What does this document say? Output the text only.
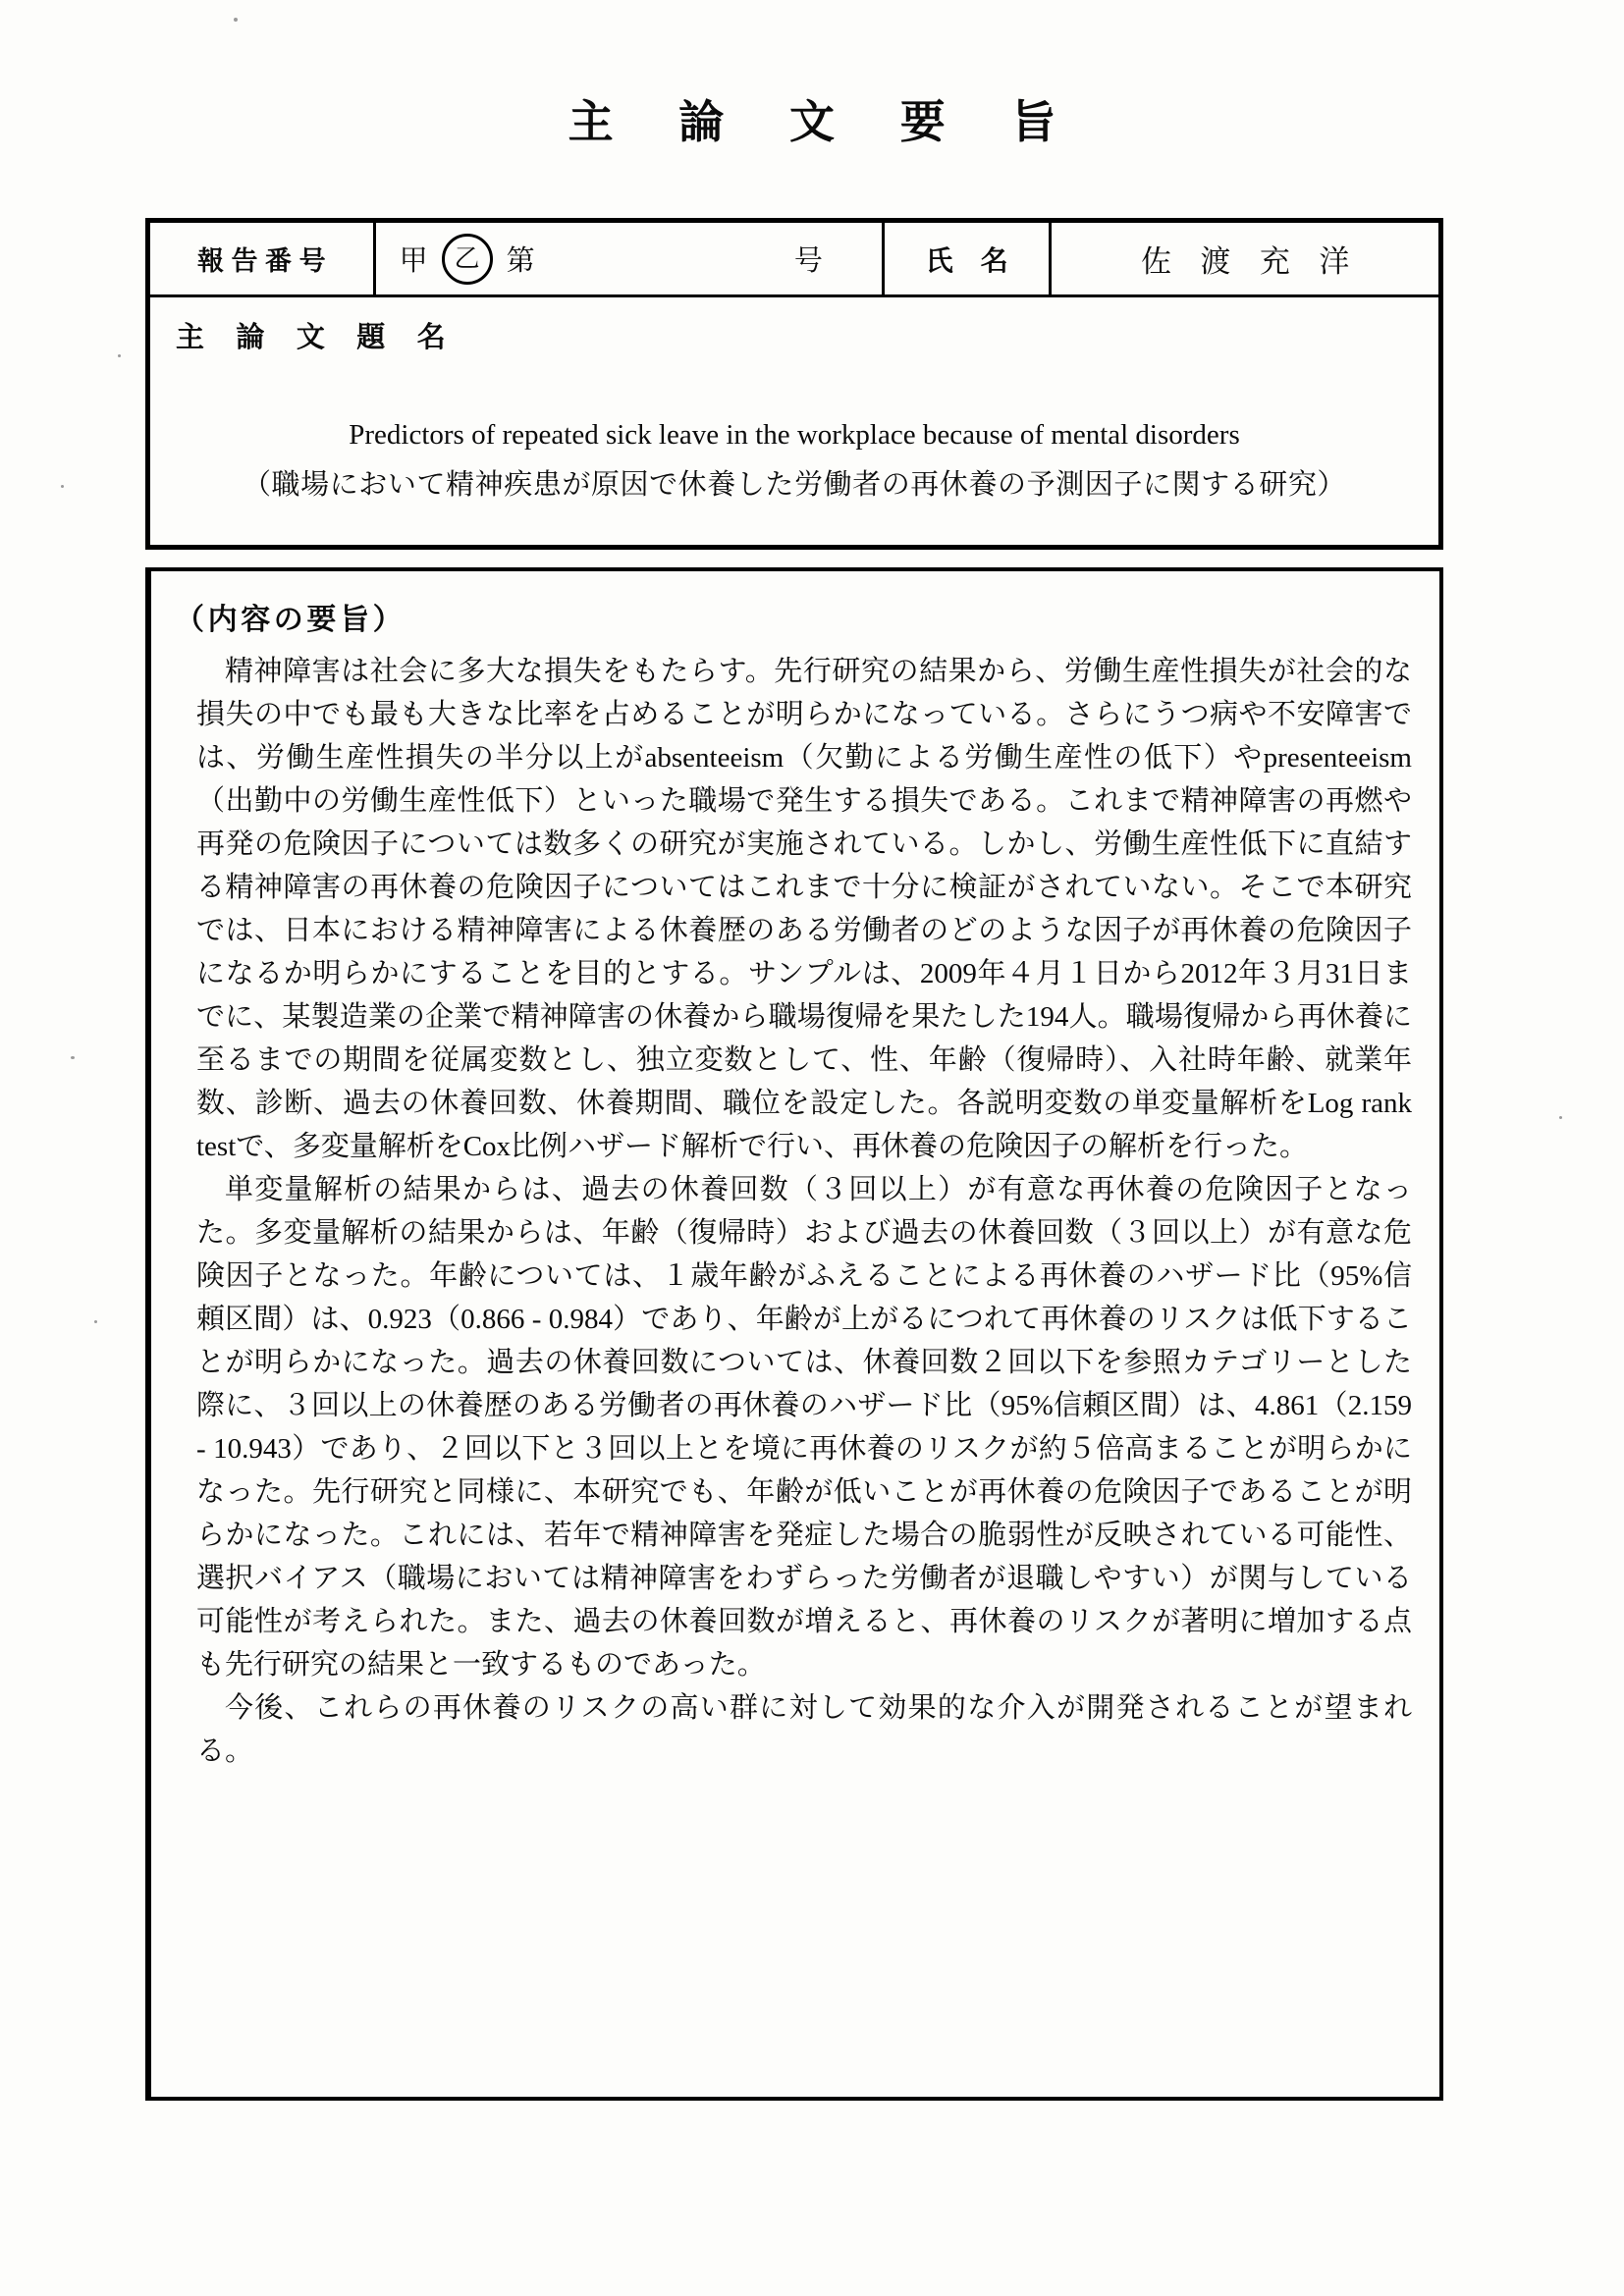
主論文要旨
報告番号	甲	乙 第	号	氏名	佐渡充洋
主 論 文 題 名
Predictors of repeated sick leave in the workplace because of mental disorders
（職場において精神疾患が原因で休養した労働者の再休養の予測因子に関する研究）
（内容の要旨）

精神障害は社会に多大な損失をもたらす。先行研究の結果から、労働生産性損失が社会的な損失の中でも最も大きな比率を占めることが明らかになっている。さらにうつ病や不安障害では、労働生産性損失の半分以上がabsenteeism（欠勤による労働生産性の低下）やpresenteeism（出勤中の労働生産性低下）といった職場で発生する損失である。これまで精神障害の再燃や再発の危険因子については数多くの研究が実施されている。しかし、労働生産性低下に直結する精神障害の再休養の危険因子についてはこれまで十分に検証がされていない。そこで本研究では、日本における精神障害による休養歴のある労働者のどのような因子が再休養の危険因子になるか明らかにすることを目的とする。サンプルは、2009年４月１日から2012年３月31日までに、某製造業の企業で精神障害の休養から職場復帰を果たした194人。職場復帰から再休養に至るまでの期間を従属変数とし、独立変数として、性、年齢（復帰時）、入社時年齢、就業年数、診断、過去の休養回数、休養期間、職位を設定した。各説明変数の単変量解析をLog rank testで、多変量解析をCox比例ハザード解析で行い、再休養の危険因子の解析を行った。

単変量解析の結果からは、過去の休養回数（３回以上）が有意な再休養の危険因子となった。多変量解析の結果からは、年齢（復帰時）および過去の休養回数（３回以上）が有意な危険因子となった。年齢については、１歳年齢がふえることによる再休養のハザード比（95%信頼区間）は、0.923（0.866 - 0.984）であり、年齢が上がるにつれて再休養のリスクは低下することが明らかになった。過去の休養回数については、休養回数２回以下を参照カテゴリーとした際に、３回以上の休養歴のある労働者の再休養のハザード比（95%信頼区間）は、4.861（2.159 - 10.943）であり、２回以下と３回以上とを境に再休養のリスクが約５倍高まることが明らかになった。先行研究と同様に、本研究でも、年齢が低いことが再休養の危険因子であることが明らかになった。これには、若年で精神障害を発症した場合の脆弱性が反映されている可能性、選択バイアス（職場においては精神障害をわずらった労働者が退職しやすい）が関与している可能性が考えられた。また、過去の休養回数が増えると、再休養のリスクが著明に増加する点も先行研究の結果と一致するものであった。

今後、これらの再休養のリスクの高い群に対して効果的な介入が開発されることが望まれる。
